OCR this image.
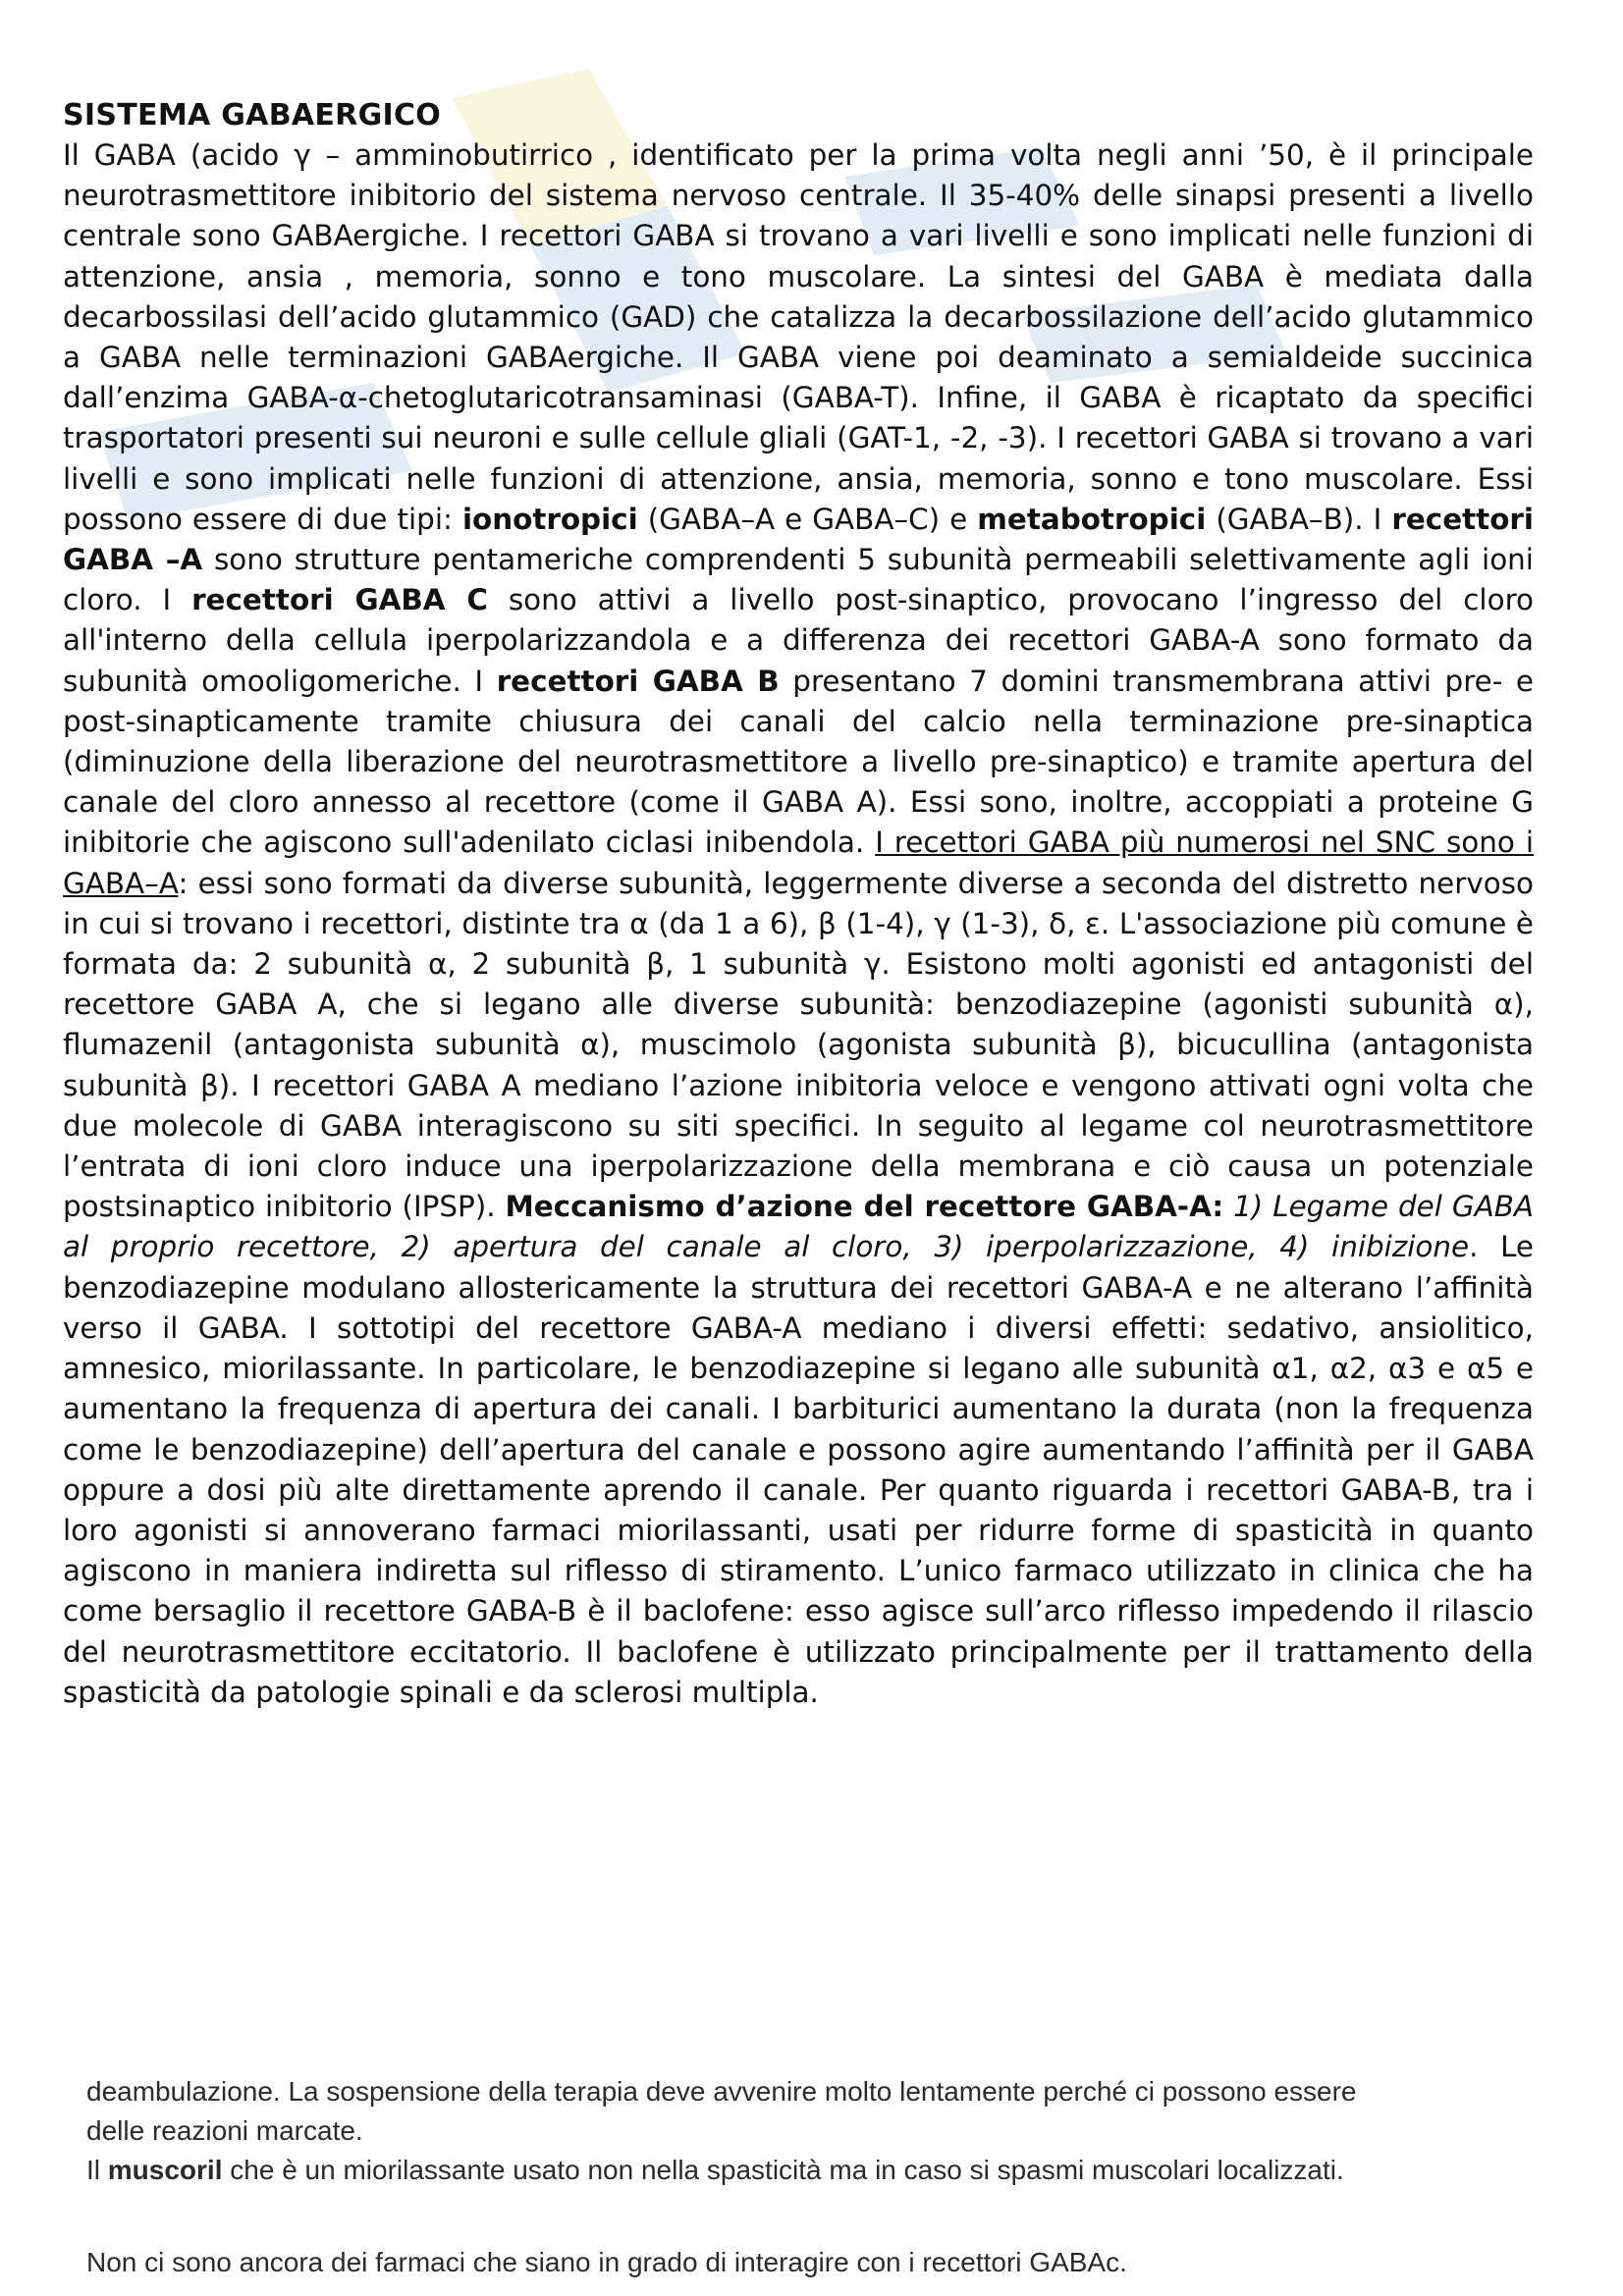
SISTEMA GABAERGICO

Il GABA (acido γ – amminobutirrico , identificato per la prima volta negli anni ’50, è il principale neurotrasmettitore inibitorio del sistema nervoso centrale. Il 35-40% delle sinapsi presenti a livello centrale sono GABAergiche. I recettori GABA si trovano a vari livelli e sono implicati nelle funzioni di attenzione, ansia , memoria, sonno e tono muscolare. La sintesi del GABA è mediata dalla decarbossilasi dell’acido glutammico (GAD) che catalizza la decarbossilazione dell’acido glutammico a GABA nelle terminazioni GABAergiche. Il GABA viene poi deaminato a semialdeide succinica dall’enzima GABA-α-chetoglutaricotransaminasi (GABA-T). Infine, il GABA è ricaptato da specifici trasportatori presenti sui neuroni e sulle cellule gliali (GAT-1, -2, -3). I recettori GABA si trovano a vari livelli e sono implicati nelle funzioni di attenzione, ansia, memoria, sonno e tono muscolare. Essi possono essere di due tipi: ionotropici (GABA–A e GABA–C) e metabotropici (GABA–B). I recettori GABA –A sono strutture pentameriche comprendenti 5 subunità permeabili selettivamente agli ioni cloro. I recettori GABA C sono attivi a livello post-sinaptico, provocano l’ingresso del cloro all'interno della cellula iperpolarizzandola e a differenza dei recettori GABA-A sono formato da subunità omooligomeriche. I recettori GABA B presentano 7 domini transmembrana attivi pre- e post-sinapticamente tramite chiusura dei canali del calcio nella terminazione pre-sinaptica (diminuzione della liberazione del neurotrasmettitore a livello pre-sinaptico) e tramite apertura del canale del cloro annesso al recettore (come il GABA A). Essi sono, inoltre, accoppiati a proteine G inibitorie che agiscono sull'adenilato ciclasi inibendola. I recettori GABA più numerosi nel SNC sono i GABA–A: essi sono formati da diverse subunità, leggermente diverse a seconda del distretto nervoso in cui si trovano i recettori, distinte tra α (da 1 a 6), β (1-4), γ (1-3), δ, ε. L'associazione più comune è formata da: 2 subunità α, 2 subunità β, 1 subunità γ. Esistono molti agonisti ed antagonisti del recettore GABA A, che si legano alle diverse subunità: benzodiazepine (agonisti subunità α), flumazenil (antagonista subunità α), muscimolo (agonista subunità β), bicucullina (antagonista subunità β). I recettori GABA A mediano l’azione inibitoria veloce e vengono attivati ogni volta che due molecole di GABA interagiscono su siti specifici. In seguito al legame col neurotrasmettitore l’entrata di ioni cloro induce una iperpolarizzazione della membrana e ciò causa un potenziale postsinaptico inibitorio (IPSP). Meccanismo d’azione del recettore GABA-A: 1) Legame del GABA al proprio recettore, 2) apertura del canale al cloro, 3) iperpolarizzazione, 4) inibizione. Le benzodiazepine modulano allostericamente la struttura dei recettori GABA-A e ne alterano l’affinità verso il GABA. I sottotipi del recettore GABA-A mediano i diversi effetti: sedativo, ansiolitico, amnesico, miorilassante. In particolare, le benzodiazepine si legano alle subunità α1, α2, α3 e α5 e aumentano la frequenza di apertura dei canali. I barbiturici aumentano la durata (non la frequenza come le benzodiazepine) dell’apertura del canale e possono agire aumentando l’affinità per il GABA oppure a dosi più alte direttamente aprendo il canale. Per quanto riguarda i recettori GABA-B, tra i loro agonisti si annoverano farmaci miorilassanti, usati per ridurre forme di spasticità in quanto agiscono in maniera indiretta sul riflesso di stiramento. L’unico farmaco utilizzato in clinica che ha come bersaglio il recettore GABA-B è il baclofene: esso agisce sull’arco riflesso impedendo il rilascio del neurotrasmettitore eccitatorio. Il baclofene è utilizzato principalmente per il trattamento della spasticità da patologie spinali e da sclerosi multipla.

deambulazione. La sospensione della terapia deve avvenire molto lentamente perché ci possono essere

delle reazioni marcate.

Il muscoril che è un miorilassante usato non nella spasticità ma in caso si spasmi muscolari localizzati.

Non ci sono ancora dei farmaci che siano in grado di interagire con i recettori GABAc.
